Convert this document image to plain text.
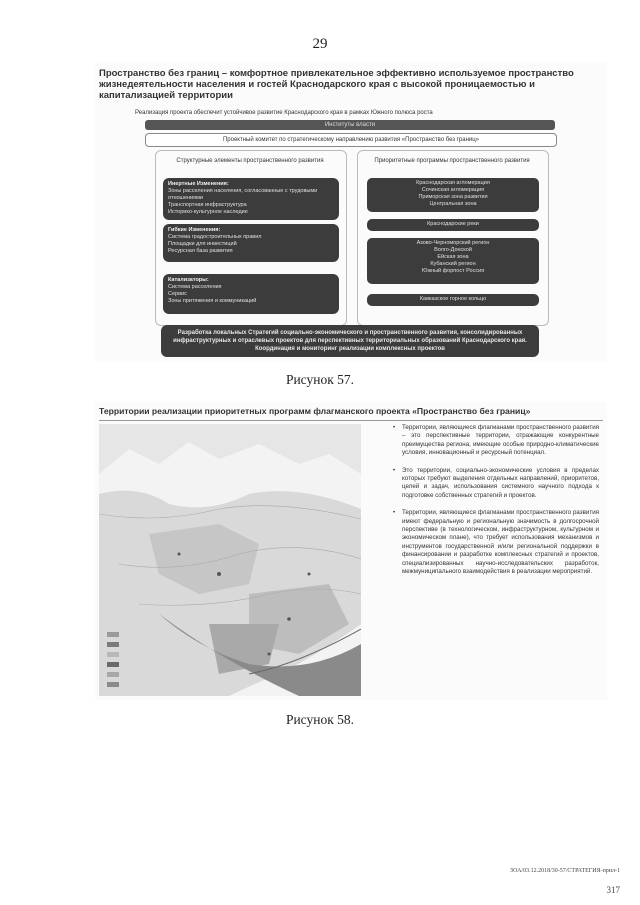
29
Пространство без границ – комфортное привлекательное эффективно используемое пространство жизнедеятельности населения и гостей Краснодарского края с высокой проницаемостью и капитализацией территории
Реализация проекта обеспечит устойчивое развитие Краснодарского края в рамках Южного полюса роста
Институты власти
Проектный комитет по стратегическому направлению развития «Пространство без границ»
Структурные элементы пространственного развития	Приоритетные программы пространственного развития
Инертные Изменения:
Зоны расселения населения, согласованные с трудовыми отношениями
Транспортная инфраструктура
Историко-культурное наследие
Гибкие Изменения:
Система градостроительных правил
Площадки для инвестиций
Ресурсная база развития
Катализаторы:
Система расселения
Сервис
Зоны притяжения и коммуникаций
Краснодарская агломерация
Сочинская агломерация
Приморская зона развития
Центральная зона
Краснодарские реки
Азово-Черноморский регион
Волго-Донской
Ейская зона
Кубанский регион
Южный форпост Россия
Кавказское горное кольцо
Разработка локальных Стратегий социально-экономического и пространственного развития, консолидированных инфраструктурных и отраслевых проектов для перспективных территориальных образований Краснодарского края. Координация и мониторинг реализации комплексных проектов
Рисунок 57.
Территории реализации приоритетных программ флагманского проекта «Пространство без границ»
• Территории, являющиеся флагманами пространственного развития – это перспективные территории, отражающие конкурентные преимущества региона, имеющие особые природно-климатические условия, инновационный и ресурсный потенциал.
• Это территории, социально-экономические условия в пределах которых требуют выделения отдельных направлений, приоритетов, целей и задач, использования системного научного подхода к подготовке собственных стратегий и проектов.
• Территории, являющиеся флагманами пространственного развития имеют федеральную и региональную значимость в долгосрочной перспективе (в технологическом, инфраструктурном, культурном и экономическом плане), что требует использования механизмов и инструментов государственной и/или региональной поддержки в финансировании и разработке комплексных стратегий и проектов, специализированных научно-исследовательских разработок, межмуниципального взаимодействия в реализации мероприятий.
Рисунок 58.
ЗОА/03.12.2018/30-57/СТРАТЕГИЯ-прил-1
317
